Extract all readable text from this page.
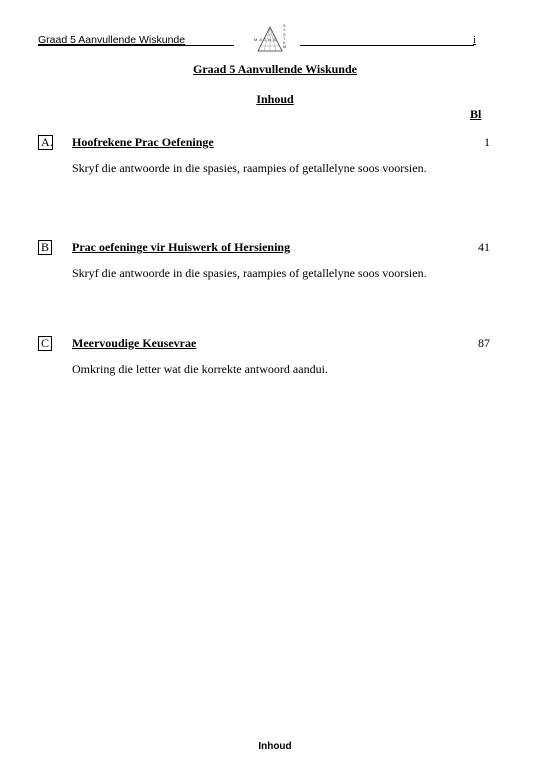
Graad 5 Aanvullende Wiskunde
S Y S T E M
M A T H S	i
Graad 5 Aanvullende Wiskunde
Inhoud
Bl
A . Hoofrekene Prac Oefeninge	1
Skryf die antwoorde in die spasies, raampies of getallelyne soos voorsien.
B . Prac oefeninge vir Huiswerk of Hersiening	41
Skryf die antwoorde in die spasies, raampies of getallelyne soos voorsien.
C . Meervoudige Keusevrae	87
Omkring die letter wat die korrekte antwoord aandui.
Inhoud
